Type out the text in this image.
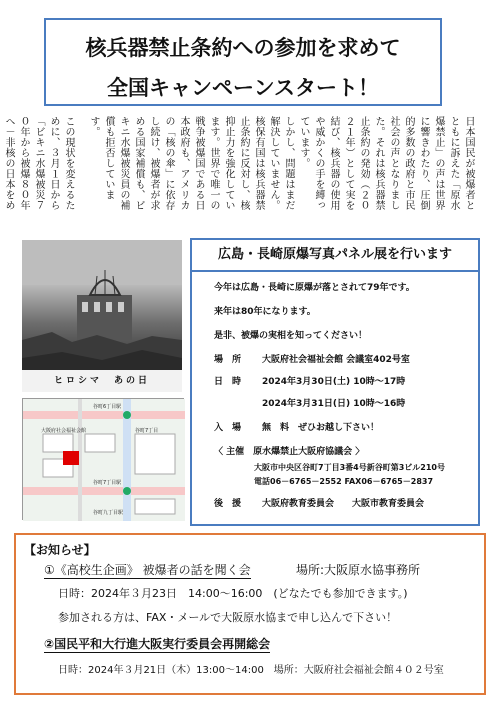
核兵器禁止条約への参加を求めて
全国キャンペーンスタート！

日本国民が被爆者とともに訴えた「原水爆禁止」の声は世界に響きわたり、圧倒的多数の政府と市民社会の声となりました。それは核兵器禁止条約の発効（２０２１年）として実を結び、核兵器の使用や威かくの手を縛っています。

しかし、問題はまだ解決していません。核保有国は核兵器禁止条約に反対し、核抑止力を強化しています。世界で唯一の戦争被爆国である日本政府も、アメリカの「核の傘」に依存し続け、被爆者が求める国家補償も、ビキニ水爆被災員の補償も拒否しています。

この現状を変えるために、３月１日から「ビキニ水爆被災７０年から被爆８０年へ－非核の日本をめ

ヒロシマ　あの日
谷町6丁目駅
大阪府社会福祉会館	谷町7丁目
谷町7丁目駅
谷町九丁目駅
広島・長崎原爆写真パネル展を行います
今年は広島・長崎に原爆が落とされて79年です。
来年は80年になります。
是非、被爆の実相を知ってください！
場　所 大阪府社会福祉会館 会議室402号室
日　時 2024年3月30日(土) 10時～17時
2024年3月31日(日) 10時～16時
入　場 無　料　ぜひお越し下さい！
〈 主催　原水爆禁止大阪府協議会 〉
大阪市中央区谷町7丁目3番4号新谷町第3ビル210号
電話06－6765－2552 FAX06－6765－2837
後　援 大阪府教育委員会　　大阪市教育委員会
【お知らせ】
①《高校生企画》 被爆者の話を聞く会	場所:大阪原水協事務所
日時：2024年３月23日　14:00～16:00　(どなたでも参加できます。)
参加される方は、FAX・メールで大阪原水協まで申し込んで下さい！
②国民平和大行進大阪実行委員会再開総会
日時：2024年３月21日（木）13:00～14:00　場所：大阪府社会福祉会館４０２号室
